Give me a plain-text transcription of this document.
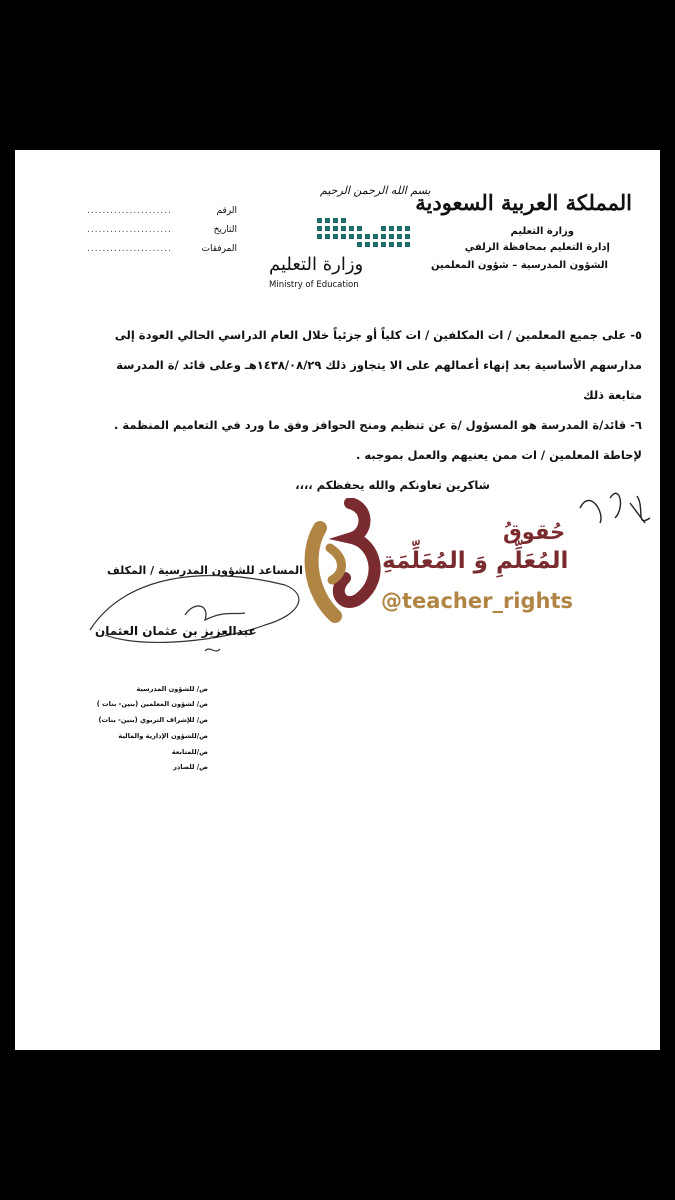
المملكة العربية السعودية
وزارة التعليم
إدارة التعليم بمحافظة الزلفي
الشؤون المدرسية – شؤون المعلمين
بسم الله الرحمن الرحيم
وزارة التعليم
Ministry of Education
الرقم
......................
التاريخ
......................
المرفقات
......................
٥- على جميع المعلمين / ات المكلفين / ات كلياً أو جزئياً خلال العام الدراسي الحالي العودة إلى
مدارسهم الأساسية بعد إنهاء أعمالهم على الا يتجاوز ذلك ١٤٣٨/٠٨/٢٩هـ وعلى قائد /ة المدرسة
متابعة ذلك
٦- قائد/ة المدرسة هو المسؤول /ة عن تنظيم ومنح الحوافز وفق ما ورد في التعاميم المنظمة .
لإحاطة المعلمين / ات ممن يعنيهم والعمل بموجبه .
شاكرين تعاونكم والله يحفظكم ،،،،
المساعد للشؤون المدرسية / المكلف
عبدالعزيز بن عثمان العثمان
ص/ للشؤون المدرسية
ص/ لشؤون المعلمين (بنين- بنات )
ص/ للإشراف التربوي (بنين- بنات)
ص/للشؤون الإدارية والمالية
ص/للمتابعة
ص/ للصادر
حُقوقُ
المُعَلِّمِ وَ المُعَلِّمَةِ
@teacher_rights
